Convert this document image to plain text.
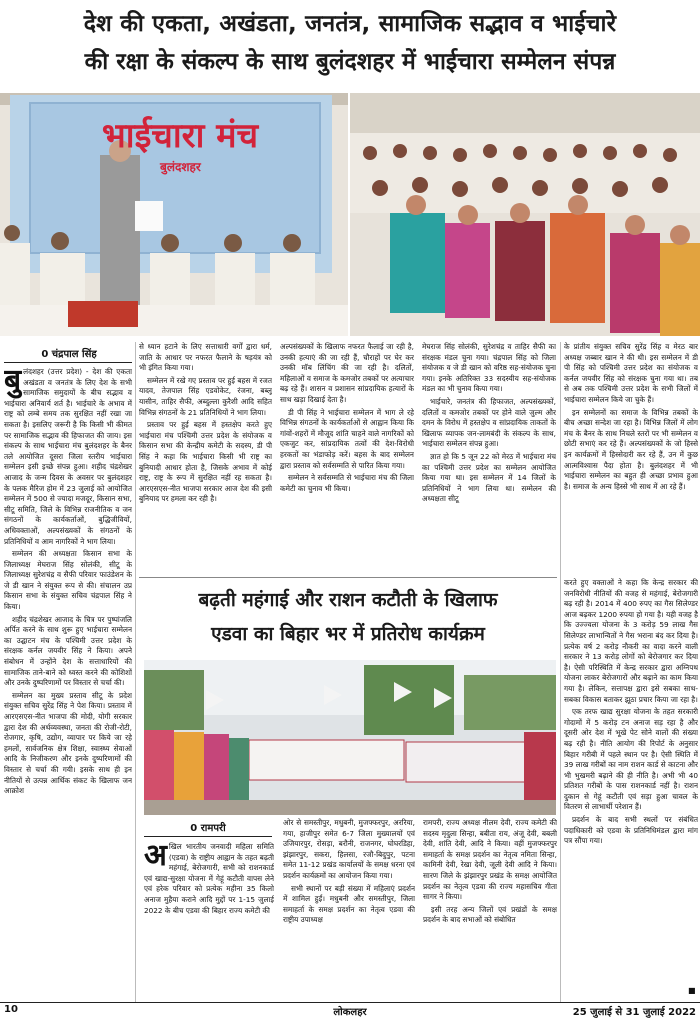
देश की एकता, अखंडता, जनतंत्र, सामाजिक सद्भाव व भाईचारे
की रक्षा के संकल्प के साथ बुलंदशहर में भाईचारा सम्मेलन संपन्न
भाईचारा मंच
बुलंदशहर
0 चंद्रपाल सिंह
बु लंदशहर (उत्तर प्रदेश) - देश की एकता अखंडता व जनतंत्र के लिए देश के सभी सामाजिक समुदायों के बीच सद्भाव व भाईचारा अनिवार्य शर्त है। भाईचारे के अभाव में राष्ट्र को लम्बे समय तक सुरक्षित नहीं रखा जा सकता है। इसलिए जरूरी है कि किसी भी कीमत पर सामाजिक सद्भाव की हिफाजत की जाय। इस संकल्प के साथ भाईचारा मंच बुलंदशहर के बैनर तले आयोजित दूसरा जिला स्तरीय भाईचारा सम्मेलन इसी इच्छे संपन्न हुआ। शहीद चंद्रशेखर आजाद के जन्म दिवस के अवसर पर बुलंदशहर के पलक मैरिज होम में 23 जुलाई को आयोजित सम्मेलन में 500 से ज्यादा मजदूर, किसान सभा, सीटू समिति, जिले के विभिन्न राजनीतिक व जन संगठनों के कार्यकर्ताओं, बुद्धिजीवियों, अधिवक्ताओं, अल्पसंख्यकों के संगठनों के प्रतिनिधियों व आम नागरिकों ने भाग लिया।

सम्मेलन की अध्यक्षता किसान सभा के जिलाध्यक्ष मेघराज सिंह सोलंकी, सीटू के जिलाध्यक्ष सुरेशचंद्र व सैफी परिवार फाउंडेशन के जे डी खान ने संयुक्त रूप से की। संचालन उप्र किसान सभा के संयुक्त सचिव चंद्रपाल सिंह ने किया।

शहीद चंद्रशेखर आजाद के चित्र पर पुष्पांजलि अर्पित करने के साथ शुरू हुए भाईचारा सम्मेलन का उद्घाटन मंच के पश्चिमी उत्तर प्रदेश के संरक्षक कर्नल जयवीर सिंह ने किया। अपने संबोधन में उन्होंने देश के सत्ताधारियों की सामाजिक ताने-बाने को ध्वस्त करने की कोशिशों और उनके दुष्परिणामों पर विस्तार से चर्चा की।

सम्मेलन का मुख्य प्रस्ताव सीटू के प्रदेश संयुक्त सचिव सुरेंद्र सिंह ने पेश किया। प्रस्ताव में आरएसएस-नीत भाजपा की मोदी, योगी सरकार द्वारा देश की अर्थव्यवस्था, जनता की रोजी-रोटी, रोजगार, कृषि, उद्योग, व्यापार पर किये जा रहे हमलों, सार्वजनिक क्षेत्र शिक्षा, स्वास्थ्य सेवाओं आदि के निजीकरण और इनके दुष्परिणामों की विस्तार से चर्चा की गयी। इसके साथ ही इन नीतियों से उत्पन्न आर्थिक संकट के खिलाफ जन आक्रोश

से ध्यान हटाने के लिए सत्ताधारी वर्गों द्वारा धर्म, जाति के आधार पर नफरत फैलाने के षड़यंत्र को भी इंगित किया गया।

सम्मेलन में रखे गए प्रस्ताव पर हुई बहस में रजत यादव, तेजपाल सिंह एडवोकेट, रंजना, बब्लू यासीन, ताहिर सैफी, अब्दुल्ला कुरैशी आदि सहित विभिन्न संगठनों के 21 प्रतिनिधियों ने भाग लिया।

प्रस्ताव पर हुई बहस में हस्तक्षेप करते हुए भाईचारा मंच पश्चिमी उत्तर प्रदेश के संयोजक व किसान सभा की केन्द्रीय कमेटी के सदस्य, डी पी सिंह ने कहा कि भाईचारा किसी भी राष्ट्र का बुनियादी आधार होता है, जिसके अभाव में कोई राष्ट्र, राष्ट्र के रूप में सुरक्षित नहीं रह सकता है। आरएसएस-नीत भाजपा सरकार आज देश की इसी बुनियाद पर हमला कर रही है।

अल्पसंख्यकों के खिलाफ नफरत फैलाई जा रही है, उनकी हत्याएं की जा रही हैं, चौराहों पर घेर कर उनकी मॉब लिंचिंग की जा रही है। दलितों, महिलाओं व समाज के कमजोर तबकों पर अत्याचार बढ़ रहे हैं। शासन व प्रशासन सांप्रदायिक हत्यारों के साथ खड़ा दिखाई देता है।

डी पी सिंह ने भाईचारा सम्मेलन में भाग ले रहे विभिन्न संगठनों के कार्यकर्ताओं से आह्वान किया कि गांवों-शहरों में मौजूद शांति चाहने वाले नागरिकों को एकजुट कर, सांप्रदायिक तत्वों की देश-विरोधी हरकतों का भंडाफोड़ करें। बहस के बाद सम्मेलन द्वारा प्रस्ताव को सर्वसम्मति से पारित किया गया।

सम्मेलन ने सर्वसम्मति से भाईचारा मंच की जिला कमेटी का चुनाव भी किया।

मेघराज सिंह सोलंकी, सुरेशचंद्र व ताहिर सैफी का संरक्षक मंडल चुना गया। चंद्रपाल सिंह को जिला संयोजक व जे डी खान को वरिष्ठ सह-संयोजक चुना गया। इनके अतिरिक्त 33 सदस्यीय सह-संयोजक मंडल का भी चुनाव किया गया।

भाईचारे, जनतंत्र की हिफाजत, अल्पसंख्यकों, दलितों व कमजोर तबकों पर होने वाले जुल्म और दमन के विरोध में हस्तक्षेप व सांप्रदायिक ताकतों के खिलाफ व्यापक जन-लामबंदी के संकल्प के साथ, भाईचारा सम्मेलन संपन्न हुआ।

ज्ञात हो कि 5 जून 22 को मेरठ में भाईचारा मंच का पश्चिमी उत्तर प्रदेश का सम्मेलन आयोजित किया गया था। इस सम्मेलन में 14 जिलों के प्रतिनिधियों ने भाग लिया था। सम्मेलन की अध्यक्षता सीटू

के प्रांतीय संयुक्त सचिव सुरेंद्र सिंह व मेरठ बार अध्यक्ष जब्बार खान ने की थी। इस सम्मेलन में डी पी सिंह को पश्चिमी उत्तर प्रदेश का संयोजक व कर्नल जयवीर सिंह को संरक्षक चुना गया था। तब से अब तक पश्चिमी उत्तर प्रदेश के सभी जिलों में भाईचारा सम्मेलन किये जा चुके हैं।

इन सम्मेलनों का समाज के विभिन्न तबकों के बीच अच्छा सन्देश जा रहा है। विभिन्न जिलों में लोग मंच के बैनर के साथ निचले स्तरों पर भी सम्मेलन व छोटी सभाएं कर रहे हैं। अल्पसंख्यकों के जो हिस्से इन कार्यक्रमों में हिस्सेदारी कर रहे हैं, उन में कुछ आत्मविश्वास पैदा होता है। बुलंदशहर में भी भाईचारा सम्मेलन का बहुत ही अच्छा प्रभाव हुआ है। समाज के अन्य हिस्से भी साथ में आ रहे हैं।

बढ़ती महंगाई और राशन कटौती के खिलाफ
एडवा का बिहार भर में प्रतिरोध कार्यक्रम
0 रामपरी
अ खिल भारतीय जनवादी महिला समिति (एडवा) के राष्ट्रीय आह्वान के तहत बढ़ती महंगाई, बेरोजगारी, सभी को राशनकार्ड एवं खाद्य-सुरक्षा योजना में गेहूं कटौती वापस लेने एवं हरेक परिवार को प्रत्येक महीना 35 किलो अनाज मुहैया कराने आदि मुद्दों पर 1-15 जुलाई 2022 के बीच एडवा की बिहार राज्य कमेटी की

ओर से समस्तीपुर, मधुबनी, मुजफ्फरपुर, अररिया, गया, हाजीपुर समेत 6-7 जिला मुख्यालयों एवं उजियारपुर, रोसड़ा, बरौनी, राजनगर, घोघरडिहा, झंझारपुर, सकरा, हिलसा, रजौ-बिदुपुर, पटना समेत 11-12 प्रखंड कार्यालयों के समक्ष धरना एवं प्रदर्शन कार्यक्रमों का आयोजन किया गया।

सभी स्थानों पर बड़ी संख्या में महिलाएं प्रदर्शन में शामिल हुईं। मधुबनी और समस्तीपुर, जिला समाहर्ता के समक्ष प्रदर्शन का नेतृत्व एडवा की राष्ट्रीय उपाध्यक्ष

रामपरी, राज्य अध्यक्ष नीलम देवी, राज्य कमेटी की सदस्य मृदुला सिन्हा, बबीता राय, अंजू देवी, बबली देवी, शांति देवी, आदि ने किया। वहीं मुजफ्फरपुर समाहर्ता के समक्ष प्रदर्शन का नेतृत्व नमिता सिन्हा, कामिनी देवी, रेखा देवी, जूली देवी आदि ने किया। सारण जिले के झंझारपुर प्रखंड के समक्ष आयोजित प्रदर्शन का नेतृत्व एडवा की राज्य महासचिव गीता सागर ने किया।

इसी तरह अन्य जिलों एवं प्रखंडों के समक्ष प्रदर्शन के बाद सभाओं को संबोधित

करते हुए वक्ताओं ने कहा कि केन्द्र सरकार की जनविरोधी नीतियों की वजह से महंगाई, बेरोजगारी बढ़ रही है। 2014 में 400 रुपए का गैस सिलेण्डर आज बढ़कर 1200 रुपया हो गया है। यही वजह है कि उज्ज्वला योजना के 3 करोड़ 59 लाख गैस सिलेण्डर लाभान्वितों ने गैस भराना बंद कर दिया है। प्रत्येक वर्ष 2 करोड़ नौकरी का वादा करने वाली सरकार ने 13 करोड़ लोगों को बेरोजगार कर दिया है। ऐसी परिस्थिति में केन्द्र सरकार द्वारा अग्निपथ योजना लाकर बेरोजगारों और बढ़ाने का काम किया गया है। लेकिन, सत्तापक्ष द्वारा इसे सबका साथ-सबका विकास बताकर झूठा प्रचार किया जा रहा है।

एक तरफ खाद्य सुरक्षा योजना के तहत सरकारी गोदामों में 5 करोड़ टन अनाज सड़ रहा है और दूसरी ओर देश में भूखे पेट सोने वालों की संख्या बढ़ रही है। नीति आयोग की रिपोर्ट के अनुसार बिहार गरीबी में पहले स्थान पर है। ऐसी स्थिति में 39 लाख गरीबों का नाम राशन कार्ड से काटना और भी भुखमरी बढ़ाने की ही नीति है। अभी भी 40 प्रतिशत गरीबों के पास राशनकार्ड नहीं है। राशन दुकान से गेहूं कटौती एवं सड़ा हुआ चावल के वितरण से लाभार्थी परेशान हैं।

प्रदर्शन के बाद सभी स्थलों पर संबंधित पदाधिकारी को एडवा के प्रतिनिधिमंडल द्वारा मांग पत्र सौंपा गया।

■
10	लोकलहर	25 जुलाई से 31 जुलाई 2022
